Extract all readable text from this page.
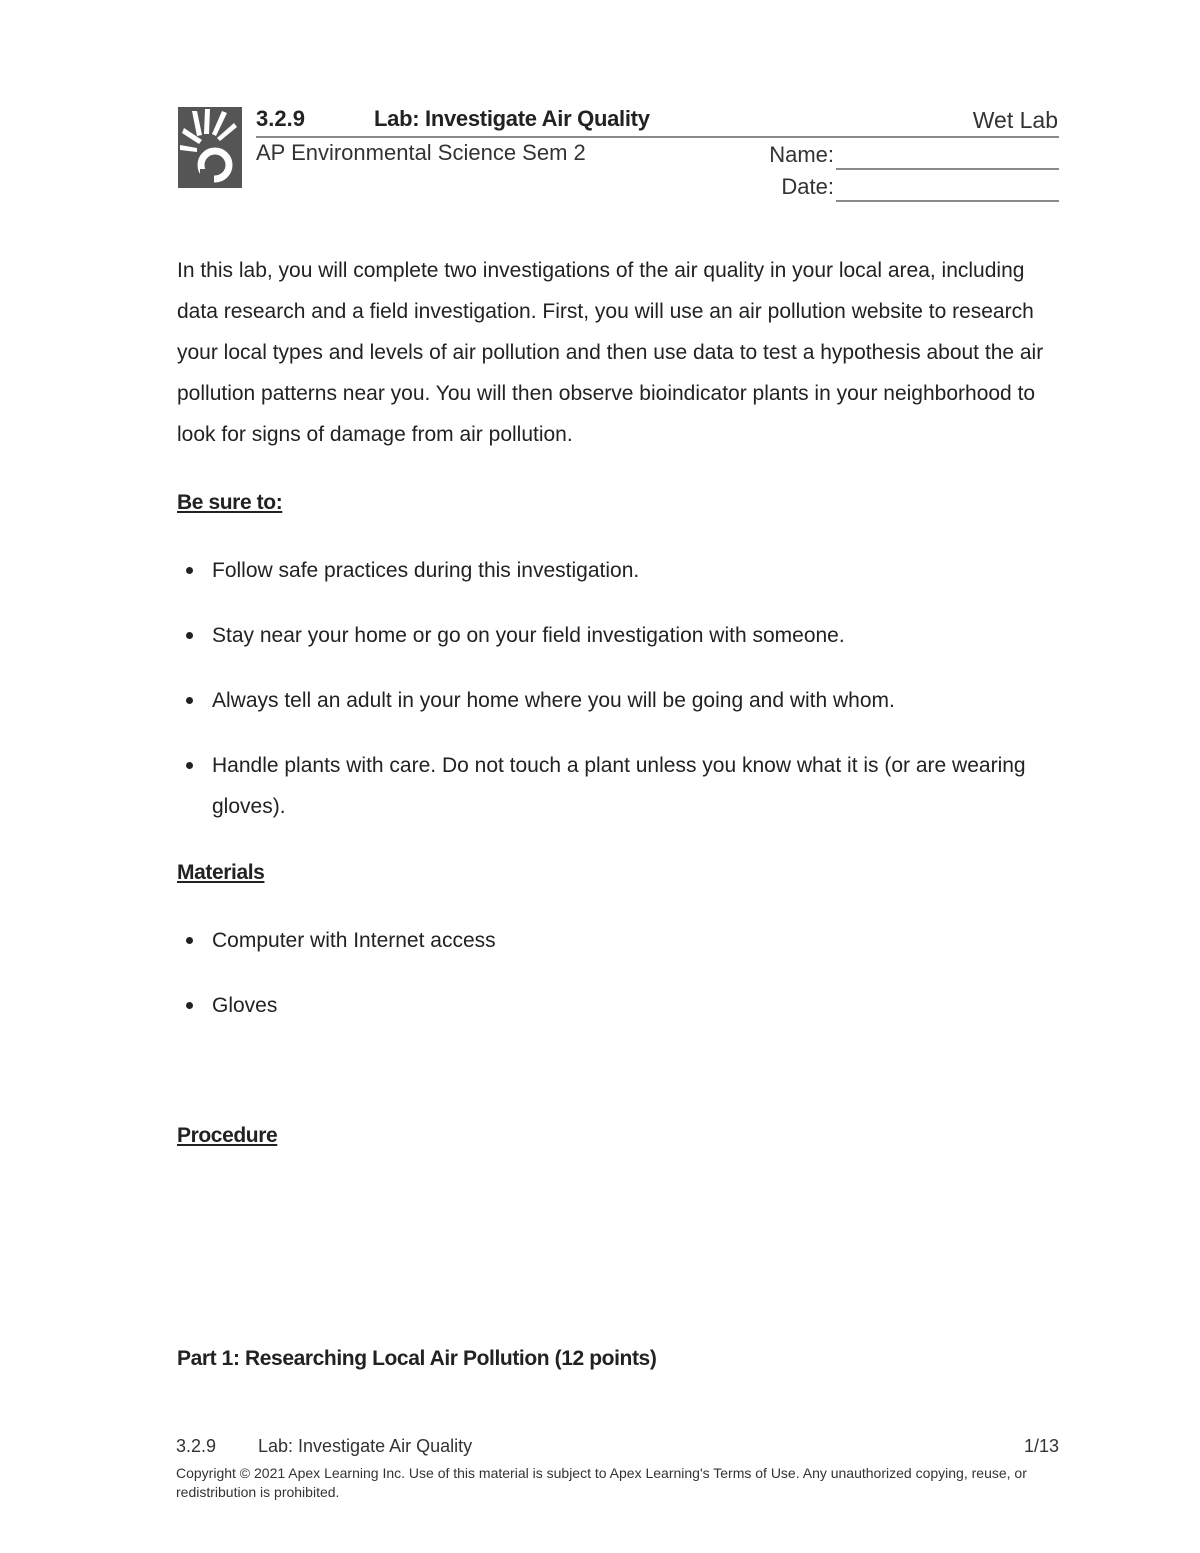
3.2.9	Lab: Investigate Air Quality	Wet Lab
AP Environmental Science Sem 2	Name:
Date:

In this lab, you will complete two investigations of the air quality in your local area, including data research and a field investigation. First, you will use an air pollution website to research your local types and levels of air pollution and then use data to test a hypothesis about the air pollution patterns near you. You will then observe bioindicator plants in your neighborhood to look for signs of damage from air pollution.

Be sure to:

Follow safe practices during this investigation.
Stay near your home or go on your field investigation with someone.
Always tell an adult in your home where you will be going and with whom.
Handle plants with care. Do not touch a plant unless you know what it is (or are wearing gloves).

Materials

Computer with Internet access
Gloves

Procedure

Part 1: Researching Local Air Pollution (12 points)
3.2.9 Lab: Investigate Air Quality	1/13
Copyright © 2021 Apex Learning Inc. Use of this material is subject to Apex Learning's Terms of Use. Any unauthorized copying, reuse, or redistribution is prohibited.
